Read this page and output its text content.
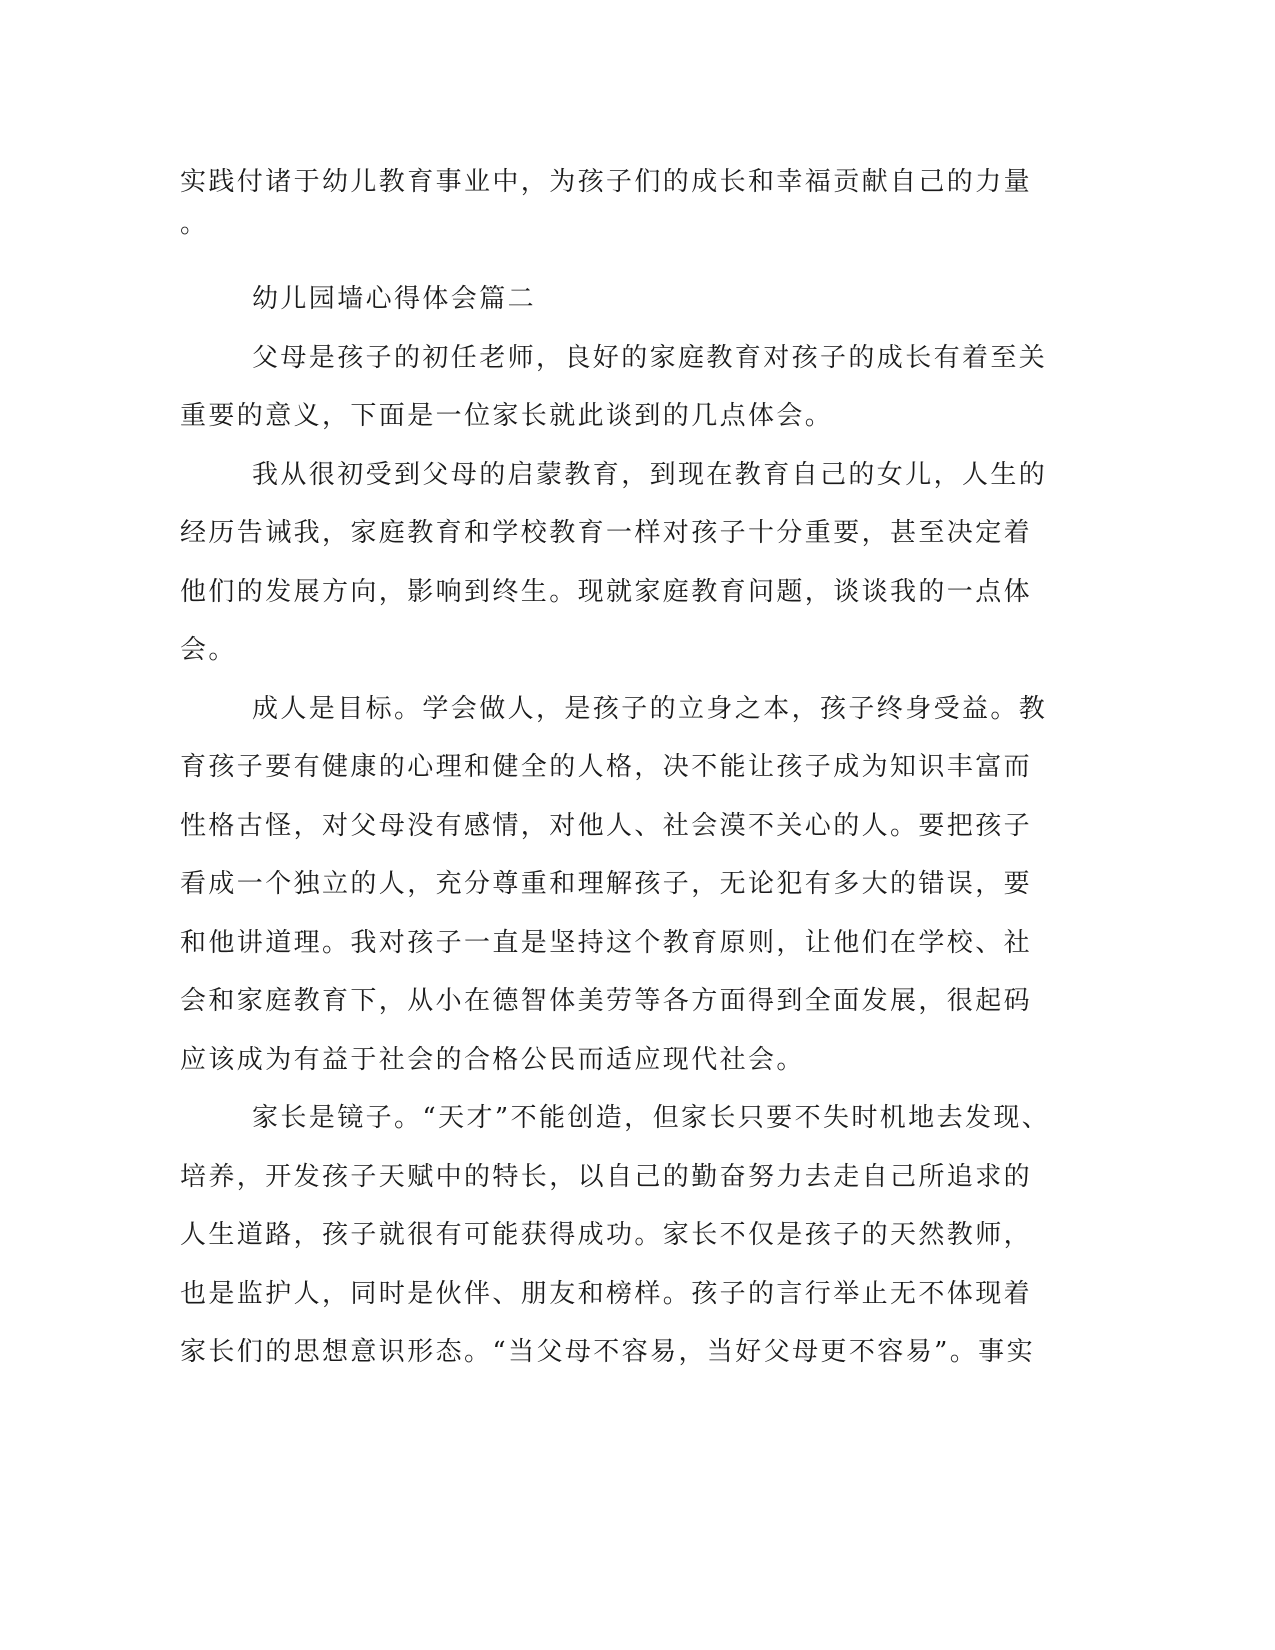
实践付诸于幼儿教育事业中，为孩子们的成长和幸福贡献自己的力量
。
幼儿园墙心得体会篇二
父母是孩子的初任老师，良好的家庭教育对孩子的成长有着至关
重要的意义，下面是一位家长就此谈到的几点体会。
我从很初受到父母的启蒙教育，到现在教育自己的女儿，人生的
经历告诫我，家庭教育和学校教育一样对孩子十分重要，甚至决定着
他们的发展方向，影响到终生。现就家庭教育问题，谈谈我的一点体
会。
成人是目标。学会做人，是孩子的立身之本，孩子终身受益。教
育孩子要有健康的心理和健全的人格，决不能让孩子成为知识丰富而
性格古怪，对父母没有感情，对他人、社会漠不关心的人。要把孩子
看成一个独立的人，充分尊重和理解孩子，无论犯有多大的错误，要
和他讲道理。我对孩子一直是坚持这个教育原则，让他们在学校、社
会和家庭教育下，从小在德智体美劳等各方面得到全面发展，很起码
应该成为有益于社会的合格公民而适应现代社会。
家长是镜子。“天才”不能创造，但家长只要不失时机地去发现、
培养，开发孩子天赋中的特长，以自己的勤奋努力去走自己所追求的
人生道路，孩子就很有可能获得成功。家长不仅是孩子的天然教师，
也是监护人，同时是伙伴、朋友和榜样。孩子的言行举止无不体现着
家长们的思想意识形态。“当父母不容易，当好父母更不容易”。事实
